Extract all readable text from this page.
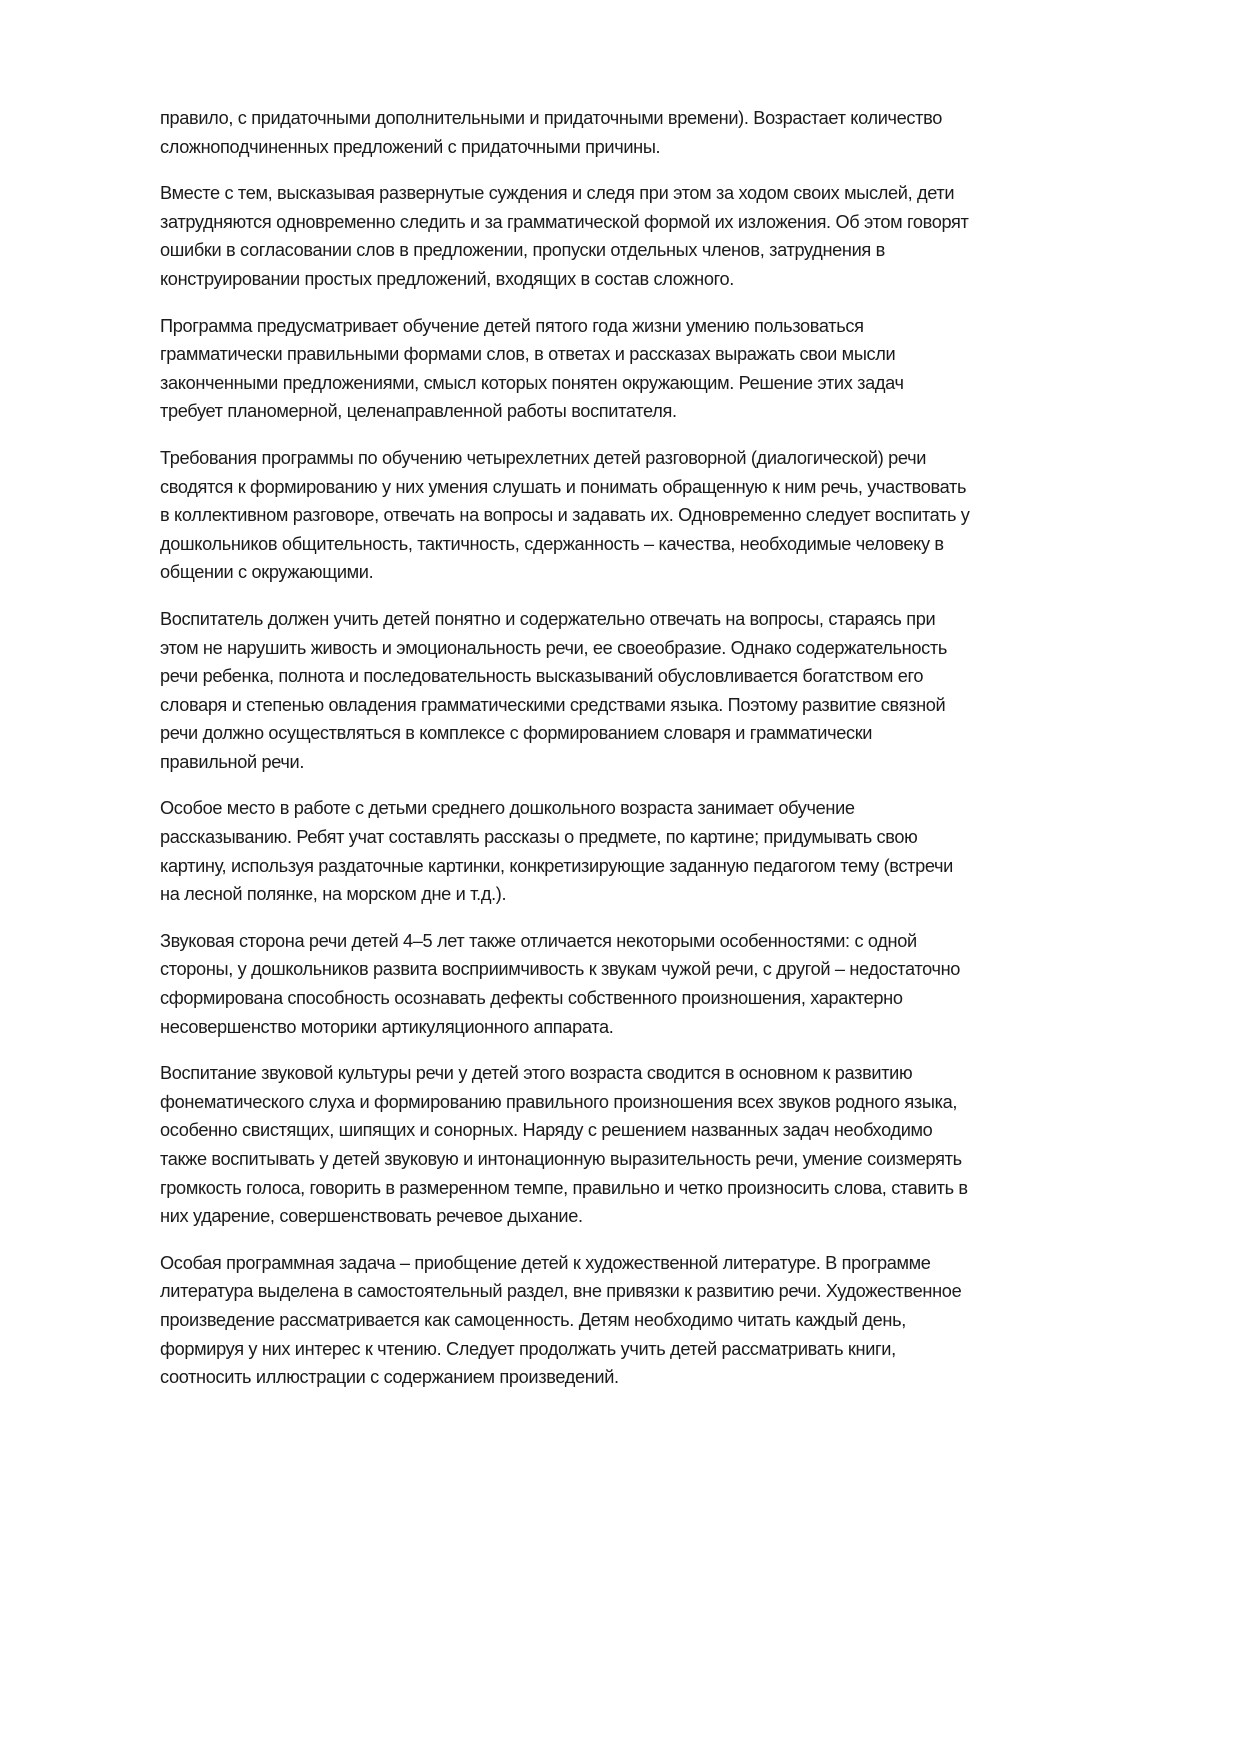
правило, с придаточными дополнительными и придаточными времени). Возрастает количество
сложноподчиненных предложений с придаточными причины.

Вместе с тем, высказывая развернутые суждения и следя при этом за ходом своих мыслей, дети
затрудняются одновременно следить и за грамматической формой их изложения. Об этом говорят
ошибки в согласовании слов в предложении, пропуски отдельных членов, затруднения в
конструировании простых предложений, входящих в состав сложного.

Программа предусматривает обучение детей пятого года жизни умению пользоваться
грамматически правильными формами слов, в ответах и рассказах выражать свои мысли
законченными предложениями, смысл которых понятен окружающим. Решение этих задач
требует планомерной, целенаправленной работы воспитателя.

Требования программы по обучению четырехлетних детей разговорной (диалогической) речи
сводятся к формированию у них умения слушать и понимать обращенную к ним речь, участвовать
в коллективном разговоре, отвечать на вопросы и задавать их. Одновременно следует воспитать у
дошкольников общительность, тактичность, сдержанность – качества, необходимые человеку в
общении с окружающими.

Воспитатель должен учить детей понятно и содержательно отвечать на вопросы, стараясь при
этом не нарушить живость и эмоциональность речи, ее своеобразие. Однако содержательность
речи ребенка, полнота и последовательность высказываний обусловливается богатством его
словаря и степенью овладения грамматическими средствами языка. Поэтому развитие связной
речи должно осуществляться в комплексе с формированием словаря и грамматически
правильной речи.

Особое место в работе с детьми среднего дошкольного возраста занимает обучение
рассказыванию. Ребят учат составлять рассказы о предмете, по картине; придумывать свою
картину, используя раздаточные картинки, конкретизирующие заданную педагогом тему (встречи
на лесной полянке, на морском дне и т.д.).

Звуковая сторона речи детей 4–5 лет также отличается некоторыми особенностями: с одной
стороны, у дошкольников развита восприимчивость к звукам чужой речи, с другой – недостаточно
сформирована способность осознавать дефекты собственного произношения, характерно
несовершенство моторики артикуляционного аппарата.

Воспитание звуковой культуры речи у детей этого возраста сводится в основном к развитию
фонематического слуха и формированию правильного произношения всех звуков родного языка,
особенно свистящих, шипящих и сонорных. Наряду с решением названных задач необходимо
также воспитывать у детей звуковую и интонационную выразительность речи, умение соизмерять
громкость голоса, говорить в размеренном темпе, правильно и четко произносить слова, ставить в
них ударение, совершенствовать речевое дыхание.

Особая программная задача – приобщение детей к художественной литературе. В программе
литература выделена в самостоятельный раздел, вне привязки к развитию речи. Художественное
произведение рассматривается как самоценность. Детям необходимо читать каждый день,
формируя у них интерес к чтению. Следует продолжать учить детей рассматривать книги,
соотносить иллюстрации с содержанием произведений.
